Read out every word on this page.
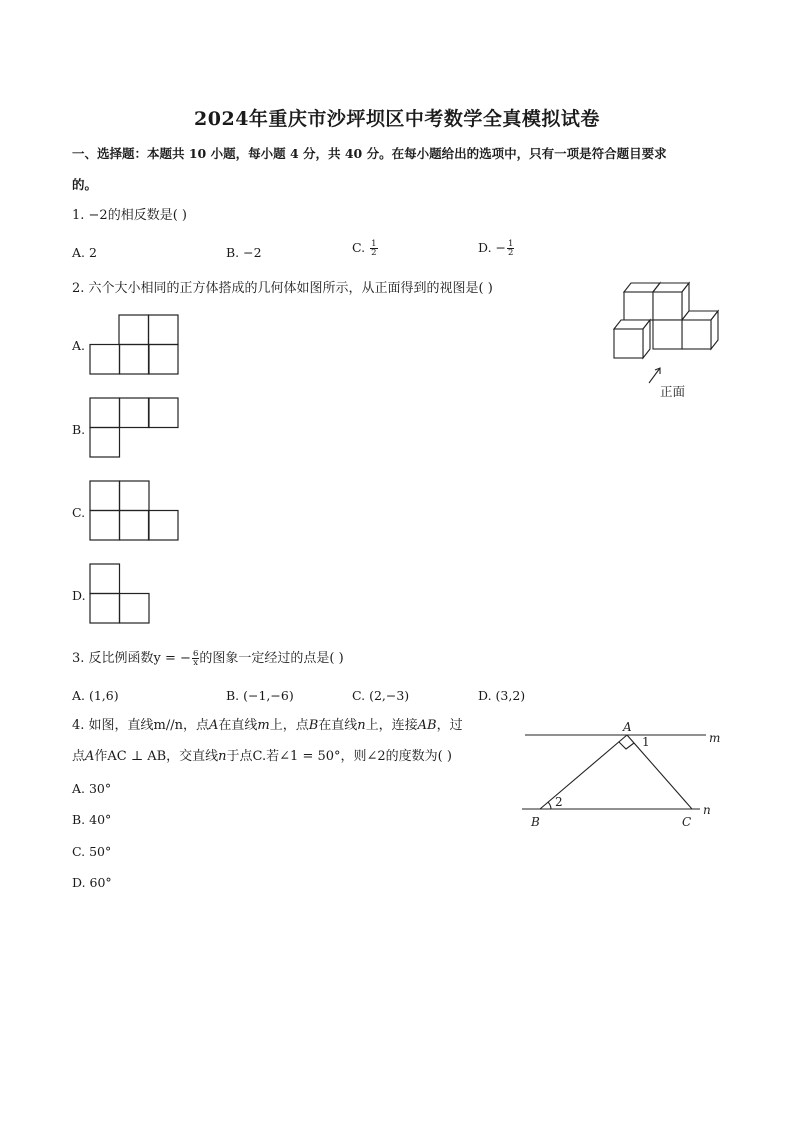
2024年重庆市沙坪坝区中考数学全真模拟试卷
一、选择题：本题共 10 小题，每小题 4 分，共 40 分。在每小题给出的选项中，只有一项是符合题目要求
的。
1. −2的相反数是( )
A. 2	B. −2	C. $\frac{1}{2}$	D. − $\frac{1}{2}$
2. 六个大小相同的正方体搭成的几何体如图所示，从正面得到的视图是( )
正面
A.
B.
C.
D.
3. 反比例函数y = − $\frac{6}{x}$ 的图象一定经过的点是( )
A. (1,6)	B. (−1,−6)	C. (2,−3)	D. (3,2)
4. 如图，直线m//n，点𝐴在直线𝑚上，点𝐵在直线𝑛上，连接𝐴𝐵，过
点𝐴作AC ⊥ AB，交直线𝑛于点C.若∠1 = 50°，则∠2的度数为( )
A. 30°
B. 40°
C. 50°
D. 60°
A
m
1
2
n
B	C
